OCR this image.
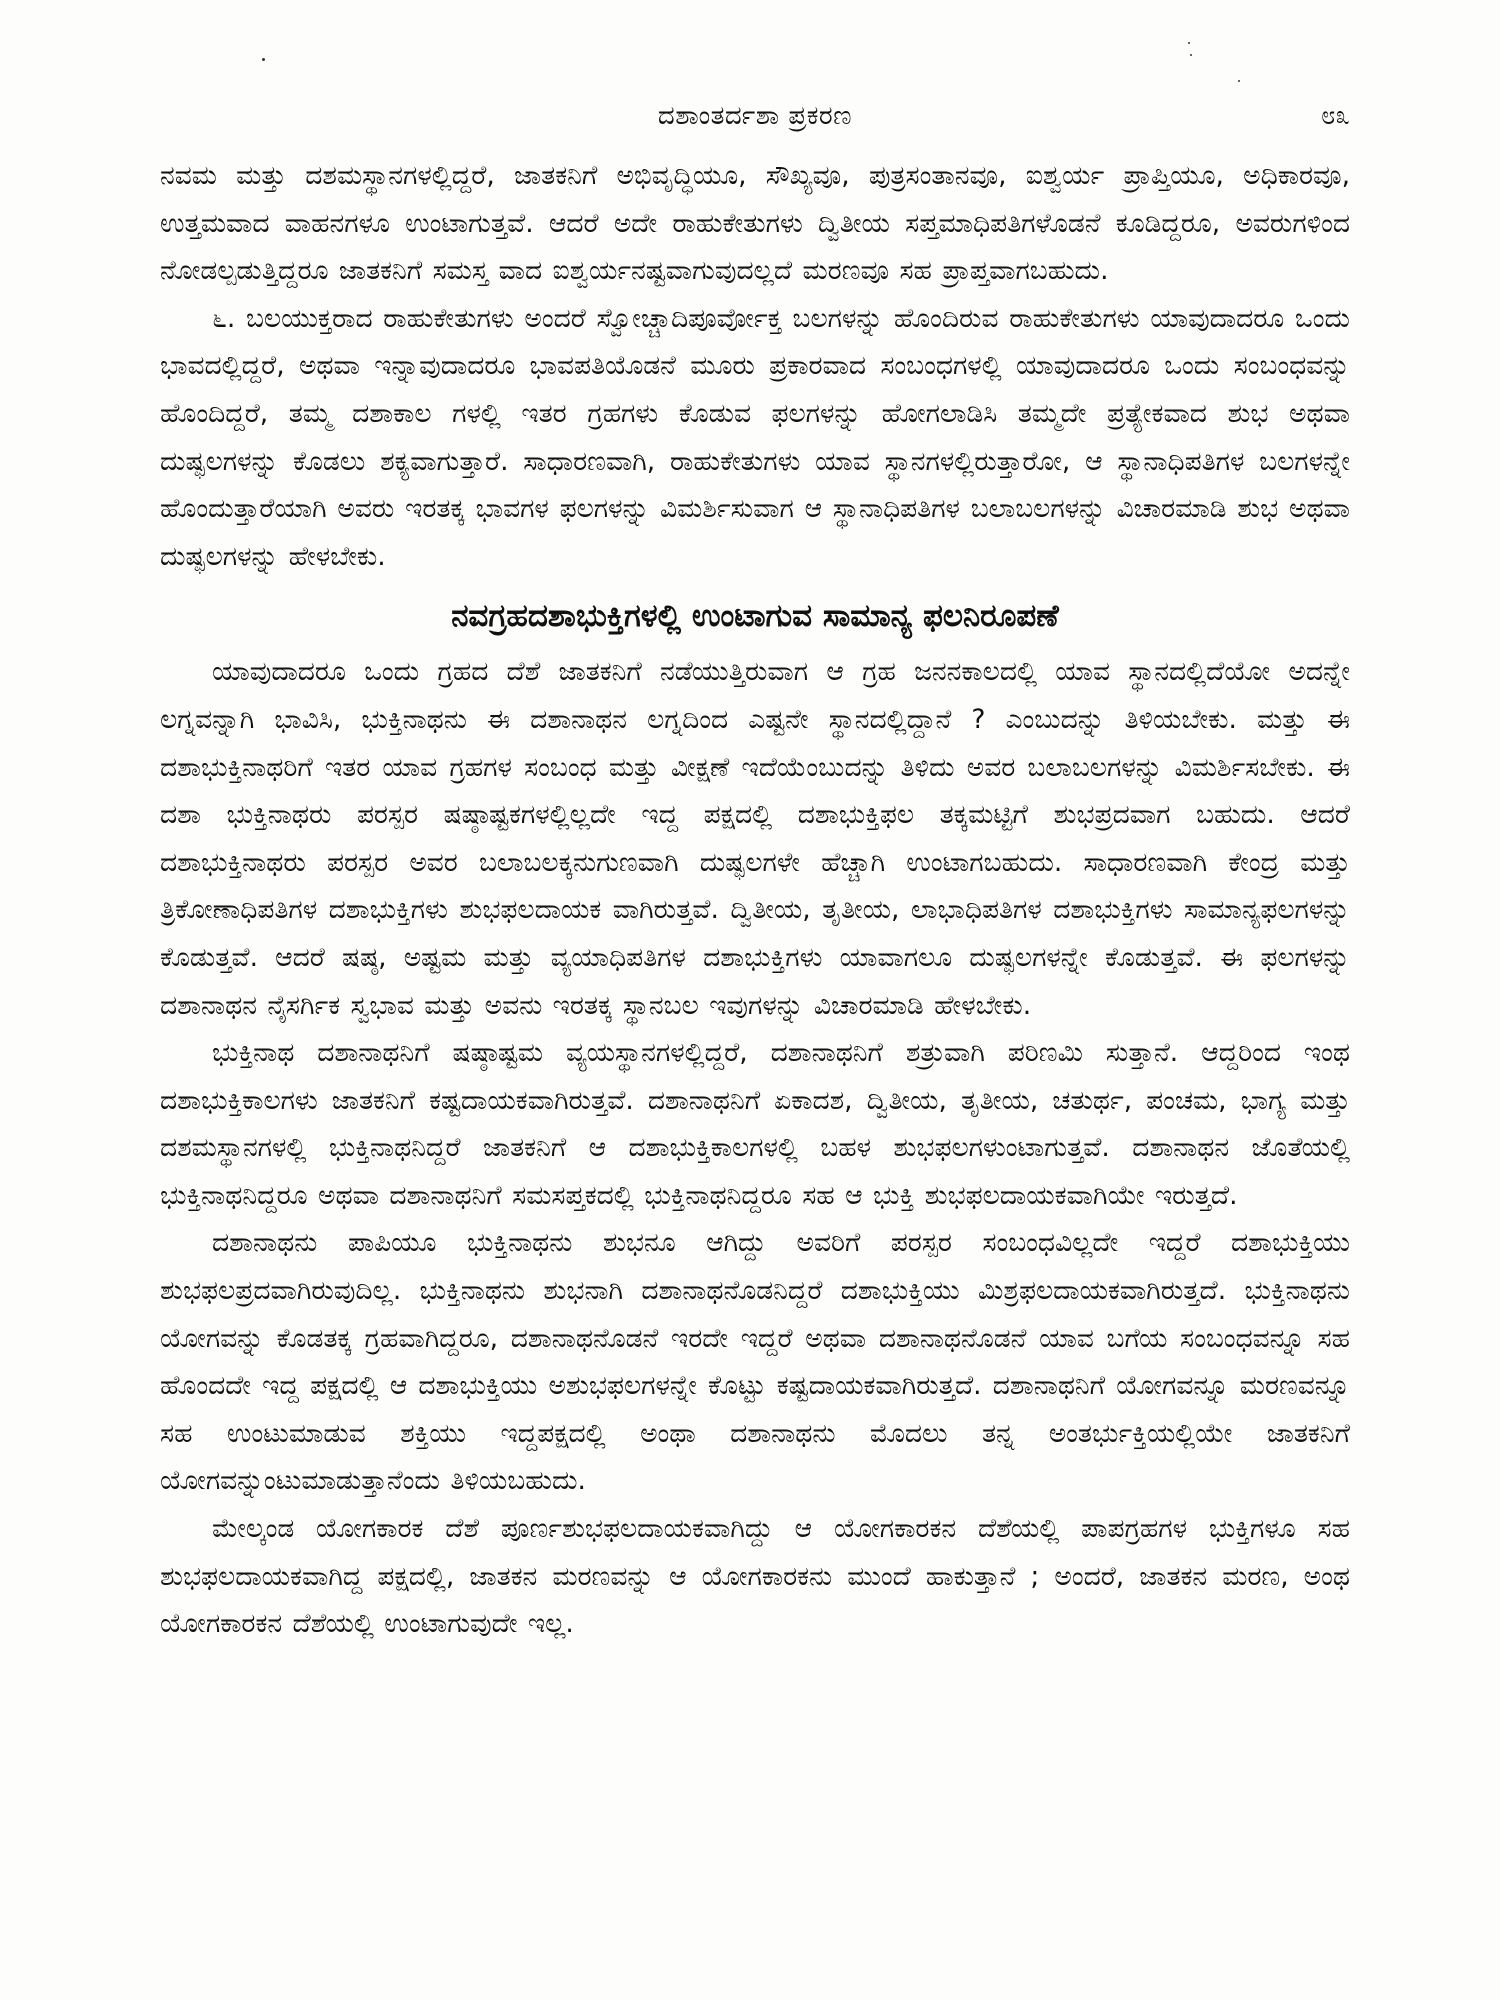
ದಶಾಂತರ್ದಶಾ ಪ್ರಕರಣ	೮೩

ನವಮ ಮತ್ತು ದಶಮಸ್ಥಾನಗಳಲ್ಲಿದ್ದರೆ, ಜಾತಕನಿಗೆ ಅಭಿವೃದ್ಧಿಯೂ, ಸೌಖ್ಯವೂ, ಪುತ್ರಸಂತಾನವೂ, ಐಶ್ವರ್ಯ ಪ್ರಾಪ್ತಿಯೂ, ಅಧಿಕಾರವೂ, ಉತ್ತಮವಾದ ವಾಹನಗಳೂ ಉಂಟಾಗುತ್ತವೆ. ಆದರೆ ಅದೇ ರಾಹುಕೇತುಗಳು ದ್ವಿತೀಯ ಸಪ್ತಮಾಧಿಪತಿಗಳೊಡನೆ ಕೂಡಿದ್ದರೂ, ಅವರುಗಳಿಂದ ನೋಡಲ್ಪಡುತ್ತಿದ್ದರೂ ಜಾತಕನಿಗೆ ಸಮಸ್ತ ವಾದ ಐಶ್ವರ್ಯನಷ್ಟವಾಗುವುದಲ್ಲದೆ ಮರಣವೂ ಸಹ ಪ್ರಾಪ್ತವಾಗಬಹುದು.

೬. ಬಲಯುಕ್ತರಾದ ರಾಹುಕೇತುಗಳು ಅಂದರೆ ಸ್ವೋಚ್ಚಾದಿಪೂರ್ವೋಕ್ತ ಬಲಗಳನ್ನು ಹೊಂದಿರುವ ರಾಹುಕೇತುಗಳು ಯಾವುದಾದರೂ ಒಂದು ಭಾವದಲ್ಲಿದ್ದರೆ, ಅಥವಾ ಇನ್ನಾವುದಾದರೂ ಭಾವಪತಿಯೊಡನೆ ಮೂರು ಪ್ರಕಾರವಾದ ಸಂಬಂಧಗಳಲ್ಲಿ ಯಾವುದಾದರೂ ಒಂದು ಸಂಬಂಧವನ್ನು ಹೊಂದಿದ್ದರೆ, ತಮ್ಮ ದಶಾಕಾಲ ಗಳಲ್ಲಿ ಇತರ ಗ್ರಹಗಳು ಕೊಡುವ ಫಲಗಳನ್ನು ಹೋಗಲಾಡಿಸಿ ತಮ್ಮದೇ ಪ್ರತ್ಯೇಕವಾದ ಶುಭ ಅಥವಾ ದುಷ್ಫಲಗಳನ್ನು ಕೊಡಲು ಶಕ್ಯವಾಗುತ್ತಾರೆ. ಸಾಧಾರಣವಾಗಿ, ರಾಹುಕೇತುಗಳು ಯಾವ ಸ್ಥಾನಗಳಲ್ಲಿರುತ್ತಾರೋ, ಆ ಸ್ಥಾನಾಧಿಪತಿಗಳ ಬಲಗಳನ್ನೇ ಹೊಂದುತ್ತಾರೆಯಾಗಿ ಅವರು ಇರತಕ್ಕ ಭಾವಗಳ ಫಲಗಳನ್ನು ವಿಮರ್ಶಿಸುವಾಗ ಆ ಸ್ಥಾನಾಧಿಪತಿಗಳ ಬಲಾಬಲಗಳನ್ನು ವಿಚಾರಮಾಡಿ ಶುಭ ಅಥವಾ ದುಷ್ಫಲಗಳನ್ನು ಹೇಳಬೇಕು.

ನವಗ್ರಹದಶಾಭುಕ್ತಿಗಳಲ್ಲಿ ಉಂಟಾಗುವ ಸಾಮಾನ್ಯ ಫಲನಿರೂಪಣೆ

ಯಾವುದಾದರೂ ಒಂದು ಗ್ರಹದ ದೆಶೆ ಜಾತಕನಿಗೆ ನಡೆಯುತ್ತಿರುವಾಗ ಆ ಗ್ರಹ ಜನನಕಾಲದಲ್ಲಿ ಯಾವ ಸ್ಥಾನದಲ್ಲಿದೆಯೋ ಅದನ್ನೇ ಲಗ್ನವನ್ನಾಗಿ ಭಾವಿಸಿ, ಭುಕ್ತಿನಾಥನು ಈ ದಶಾನಾಥನ ಲಗ್ನದಿಂದ ಎಷ್ಟನೇ ಸ್ಥಾನದಲ್ಲಿದ್ದಾನೆ ? ಎಂಬುದನ್ನು ತಿಳಿಯಬೇಕು. ಮತ್ತು ಈ ದಶಾಭುಕ್ತಿನಾಥರಿಗೆ ಇತರ ಯಾವ ಗ್ರಹಗಳ ಸಂಬಂಧ ಮತ್ತು ವೀಕ್ಷಣೆ ಇದೆಯೆಂಬುದನ್ನು ತಿಳಿದು ಅವರ ಬಲಾಬಲಗಳನ್ನು ವಿಮರ್ಶಿಸಬೇಕು. ಈ ದಶಾ ಭುಕ್ತಿನಾಥರು ಪರಸ್ಪರ ಷಷ್ಠಾಷ್ಟಕಗಳಲ್ಲಿಲ್ಲದೇ ಇದ್ದ ಪಕ್ಷದಲ್ಲಿ ದಶಾಭುಕ್ತಿಫಲ ತಕ್ಕಮಟ್ಟಿಗೆ ಶುಭಪ್ರದವಾಗ ಬಹುದು. ಆದರೆ ದಶಾಭುಕ್ತಿನಾಥರು ಪರಸ್ಪರ ಅವರ ಬಲಾಬಲಕ್ಕನುಗುಣವಾಗಿ ದುಷ್ಫಲಗಳೇ ಹೆಚ್ಚಾಗಿ ಉಂಟಾಗಬಹುದು. ಸಾಧಾರಣವಾಗಿ ಕೇಂದ್ರ ಮತ್ತು ತ್ರಿಕೋಣಾಧಿಪತಿಗಳ ದಶಾಭುಕ್ತಿಗಳು ಶುಭಫಲದಾಯಕ ವಾಗಿರುತ್ತವೆ. ದ್ವಿತೀಯ, ತೃತೀಯ, ಲಾಭಾಧಿಪತಿಗಳ ದಶಾಭುಕ್ತಿಗಳು ಸಾಮಾನ್ಯಫಲಗಳನ್ನು ಕೊಡುತ್ತವೆ. ಆದರೆ ಷಷ್ಠ, ಅಷ್ಟಮ ಮತ್ತು ವ್ಯಯಾಧಿಪತಿಗಳ ದಶಾಭುಕ್ತಿಗಳು ಯಾವಾಗಲೂ ದುಷ್ಫಲಗಳನ್ನೇ ಕೊಡುತ್ತವೆ. ಈ ಫಲಗಳನ್ನು ದಶಾನಾಥನ ನೈಸರ್ಗಿಕ ಸ್ವಭಾವ ಮತ್ತು ಅವನು ಇರತಕ್ಕ ಸ್ಥಾನಬಲ ಇವುಗಳನ್ನು ವಿಚಾರಮಾಡಿ ಹೇಳಬೇಕು.

ಭುಕ್ತಿನಾಥ ದಶಾನಾಥನಿಗೆ ಷಷ್ಠಾಷ್ಟಮ ವ್ಯಯಸ್ಥಾನಗಳಲ್ಲಿದ್ದರೆ, ದಶಾನಾಥನಿಗೆ ಶತ್ರುವಾಗಿ ಪರಿಣಮಿ ಸುತ್ತಾನೆ. ಆದ್ದರಿಂದ ಇಂಥ ದಶಾಭುಕ್ತಿಕಾಲಗಳು ಜಾತಕನಿಗೆ ಕಷ್ಟದಾಯಕವಾಗಿರುತ್ತವೆ. ದಶಾನಾಥನಿಗೆ ಏಕಾದಶ, ದ್ವಿತೀಯ, ತೃತೀಯ, ಚತುರ್ಥ, ಪಂಚಮ, ಭಾಗ್ಯ ಮತ್ತು ದಶಮಸ್ಥಾನಗಳಲ್ಲಿ ಭುಕ್ತಿನಾಥನಿದ್ದರೆ ಜಾತಕನಿಗೆ ಆ ದಶಾಭುಕ್ತಿಕಾಲಗಳಲ್ಲಿ ಬಹಳ ಶುಭಫಲಗಳುಂಟಾಗುತ್ತವೆ. ದಶಾನಾಥನ ಜೊತೆಯಲ್ಲಿ ಭುಕ್ತಿನಾಥನಿದ್ದರೂ ಅಥವಾ ದಶಾನಾಥನಿಗೆ ಸಮಸಪ್ತಕದಲ್ಲಿ ಭುಕ್ತಿನಾಥನಿದ್ದರೂ ಸಹ ಆ ಭುಕ್ತಿ ಶುಭಫಲದಾಯಕವಾಗಿಯೇ ಇರುತ್ತದೆ.

ದಶಾನಾಥನು ಪಾಪಿಯೂ ಭುಕ್ತಿನಾಥನು ಶುಭನೂ ಆಗಿದ್ದು ಅವರಿಗೆ ಪರಸ್ಪರ ಸಂಬಂಧವಿಲ್ಲದೇ ಇದ್ದರೆ ದಶಾಭುಕ್ತಿಯು ಶುಭಫಲಪ್ರದವಾಗಿರುವುದಿಲ್ಲ. ಭುಕ್ತಿನಾಥನು ಶುಭನಾಗಿ ದಶಾನಾಥನೊಡನಿದ್ದರೆ ದಶಾಭುಕ್ತಿಯು ಮಿಶ್ರಫಲದಾಯಕವಾಗಿರುತ್ತದೆ. ಭುಕ್ತಿನಾಥನು ಯೋಗವನ್ನು ಕೊಡತಕ್ಕ ಗ್ರಹವಾಗಿದ್ದರೂ, ದಶಾನಾಥನೊಡನೆ ಇರದೇ ಇದ್ದರೆ ಅಥವಾ ದಶಾನಾಥನೊಡನೆ ಯಾವ ಬಗೆಯ ಸಂಬಂಧವನ್ನೂ ಸಹ ಹೊಂದದೇ ಇದ್ದ ಪಕ್ಷದಲ್ಲಿ ಆ ದಶಾಭುಕ್ತಿಯು ಅಶುಭಫಲಗಳನ್ನೇ ಕೊಟ್ಟು ಕಷ್ಟದಾಯಕವಾಗಿರುತ್ತದೆ. ದಶಾನಾಥನಿಗೆ ಯೋಗವನ್ನೂ ಮರಣವನ್ನೂ ಸಹ ಉಂಟುಮಾಡುವ ಶಕ್ತಿಯು ಇದ್ದಪಕ್ಷದಲ್ಲಿ ಅಂಥಾ ದಶಾನಾಥನು ಮೊದಲು ತನ್ನ ಅಂತರ್ಭುಕ್ತಿಯಲ್ಲಿಯೇ ಜಾತಕನಿಗೆ ಯೋಗವನ್ನುಂಟುಮಾಡುತ್ತಾನೆಂದು ತಿಳಿಯಬಹುದು.

ಮೇಲ್ಕಂಡ ಯೋಗಕಾರಕ ದೆಶೆ ಪೂರ್ಣಶುಭಫಲದಾಯಕವಾಗಿದ್ದು ಆ ಯೋಗಕಾರಕನ ದೆಶೆಯಲ್ಲಿ ಪಾಪಗ್ರಹಗಳ ಭುಕ್ತಿಗಳೂ ಸಹ ಶುಭಫಲದಾಯಕವಾಗಿದ್ದ ಪಕ್ಷದಲ್ಲಿ, ಜಾತಕನ ಮರಣವನ್ನು ಆ ಯೋಗಕಾರಕನು ಮುಂದೆ ಹಾಕುತ್ತಾನೆ ; ಅಂದರೆ, ಜಾತಕನ ಮರಣ, ಅಂಥ ಯೋಗಕಾರಕನ ದೆಶೆಯಲ್ಲಿ ಉಂಟಾಗುವುದೇ ಇಲ್ಲ.
